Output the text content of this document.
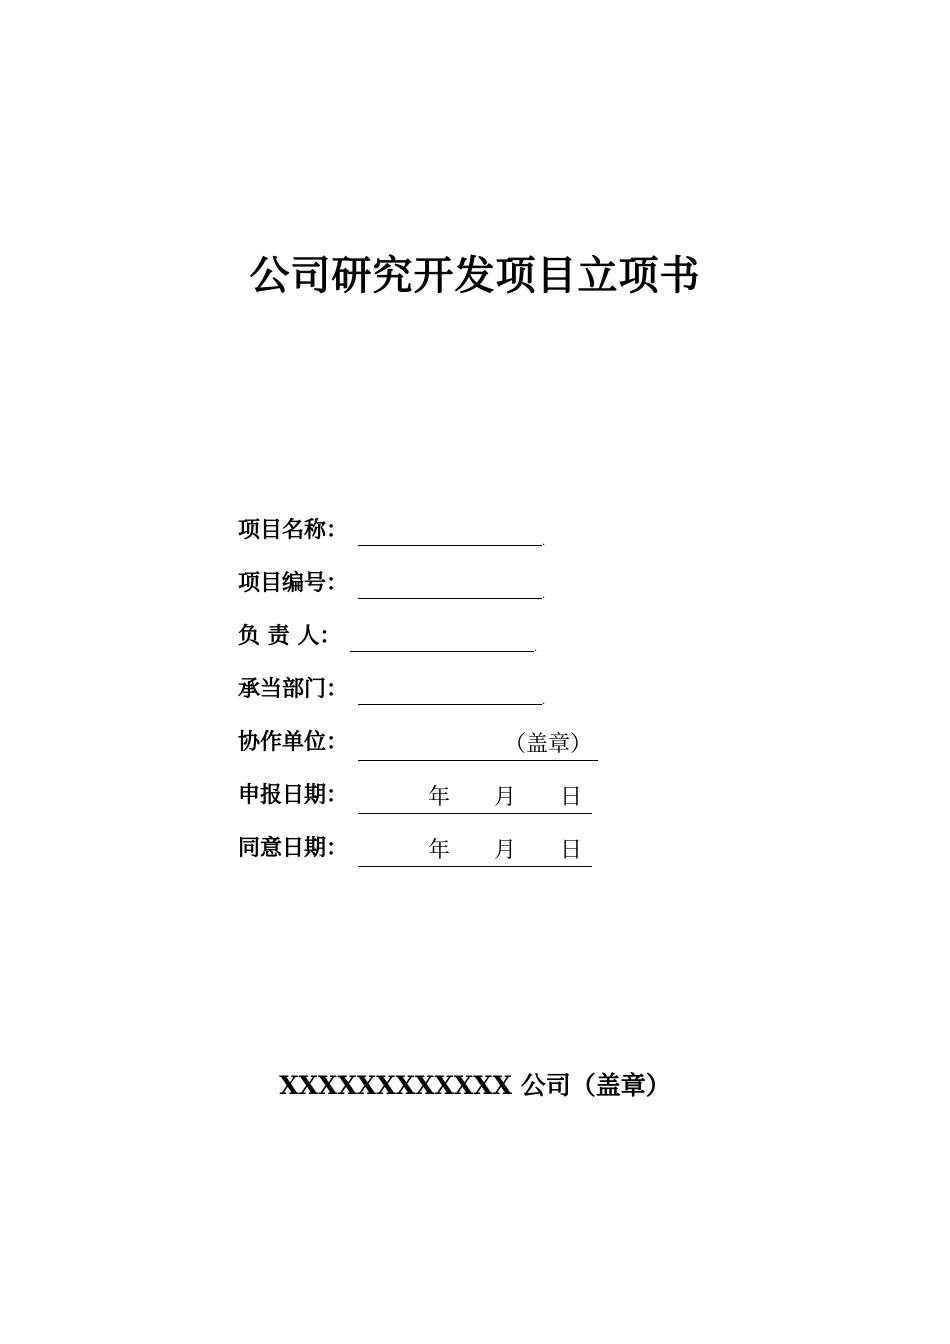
公司研究开发项目立项书
项目名称：	.
项目编号：	.
负 责 人：	.
承当部门：	.
协作单位：	（盖章）
申报日期：	年 月 日
同意日期：	年 月 日
XXXXXXXXXXXX 公司（盖章）
